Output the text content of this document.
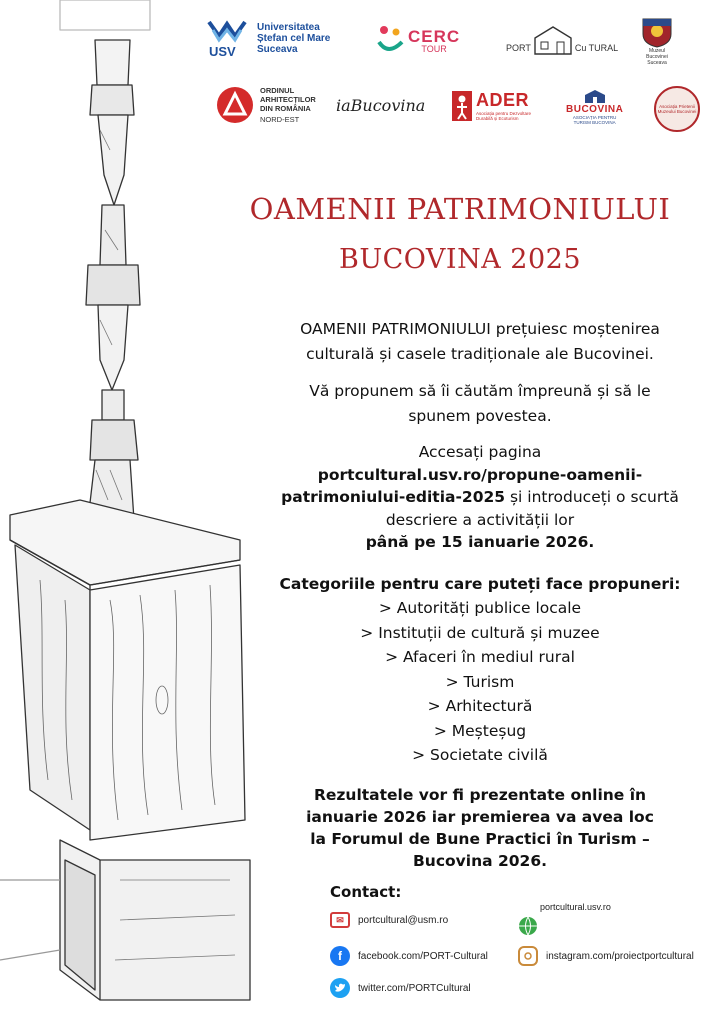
USV
Universitatea
Ștefan cel Mare
Suceava
CERC
TOUR	PORT	Cu TURAL	Muzeul
Bucovinei
Suceava
ORDINUL
ARHITECȚILOR
DIN ROMÂNIA
NORD-EST
iaBucovina	ADER
Asociația pentru Dezvoltare
Durabilă și Ecoturism
BUCOVINA
ASOCIAȚIA PENTRU
TURISM BUCOVINA
Asociația Prietenii
Muzeului Bucovinei
OAMENII PATRIMONIULUI
BUCOVINA 2025
OAMENII PATRIMONIULUI prețuiesc moștenirea
culturală și casele tradiționale ale Bucovinei.
Vă propunem să îi căutăm împreună și să le
spunem povestea.
Accesați pagina
portcultural.usv.ro/propune-oamenii-
patrimoniului-editia-2025 și introduceți o scurtă
descriere a activității lor
până pe 15 ianuarie 2026.
Categoriile pentru care puteți face propuneri:
> Autorități publice locale
> Instituții de cultură și muzee
> Afaceri în mediul rural
> Turism
> Arhitectură
> Meșteșug
> Societate civilă
Rezultatele vor fi prezentate online în
ianuarie 2026 iar premierea va avea loc
la Forumul de Bune Practici în Turism –
Bucovina 2026.
Contact:
✉	portcultural@usm.ro
portcultural.usv.ro
f	facebook.com/PORT-Cultural	instagram.com/proiectportcultural
twitter.com/PORTCultural
